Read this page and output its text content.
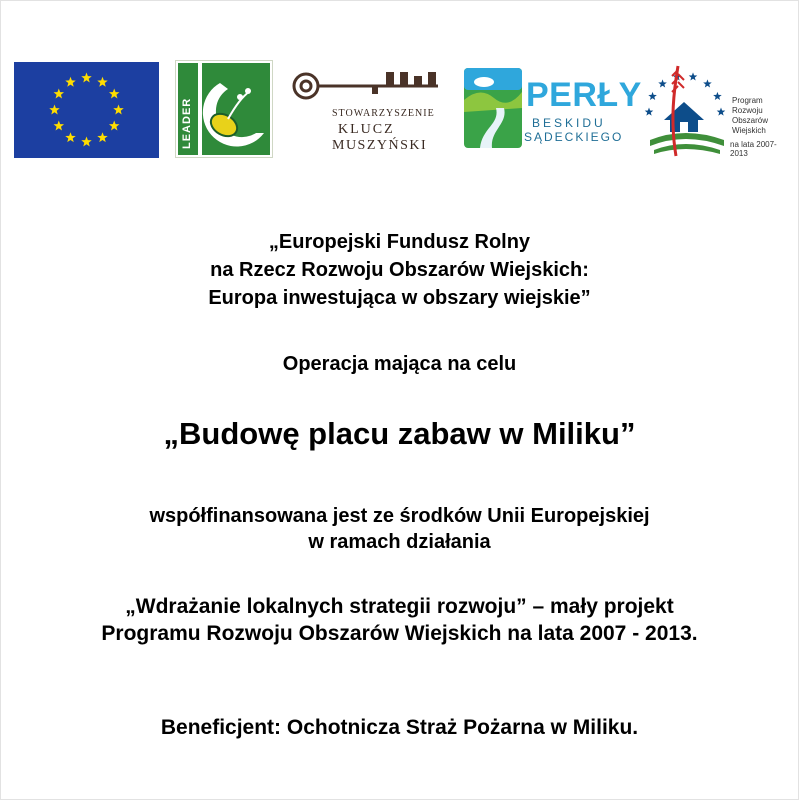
LEADER	STOWARZYSZENIE
KLUCZ
MUSZYŃSKI
PERŁY
BESKIDU
SĄDECKIEGO
Program
Rozwoju
Obszarów
Wiejskich
na lata 2007-2013
„Europejski Fundusz Rolny
na Rzecz Rozwoju Obszarów Wiejskich:
Europa inwestująca w obszary wiejskie”
Operacja mająca na celu
„Budowę placu zabaw w Miliku”
współfinansowana jest ze środków Unii Europejskiej
w ramach działania
„Wdrażanie lokalnych strategii rozwoju” – mały projekt
Programu Rozwoju Obszarów Wiejskich na lata 2007 - 2013.
Beneficjent: Ochotnicza Straż Pożarna w Miliku.
